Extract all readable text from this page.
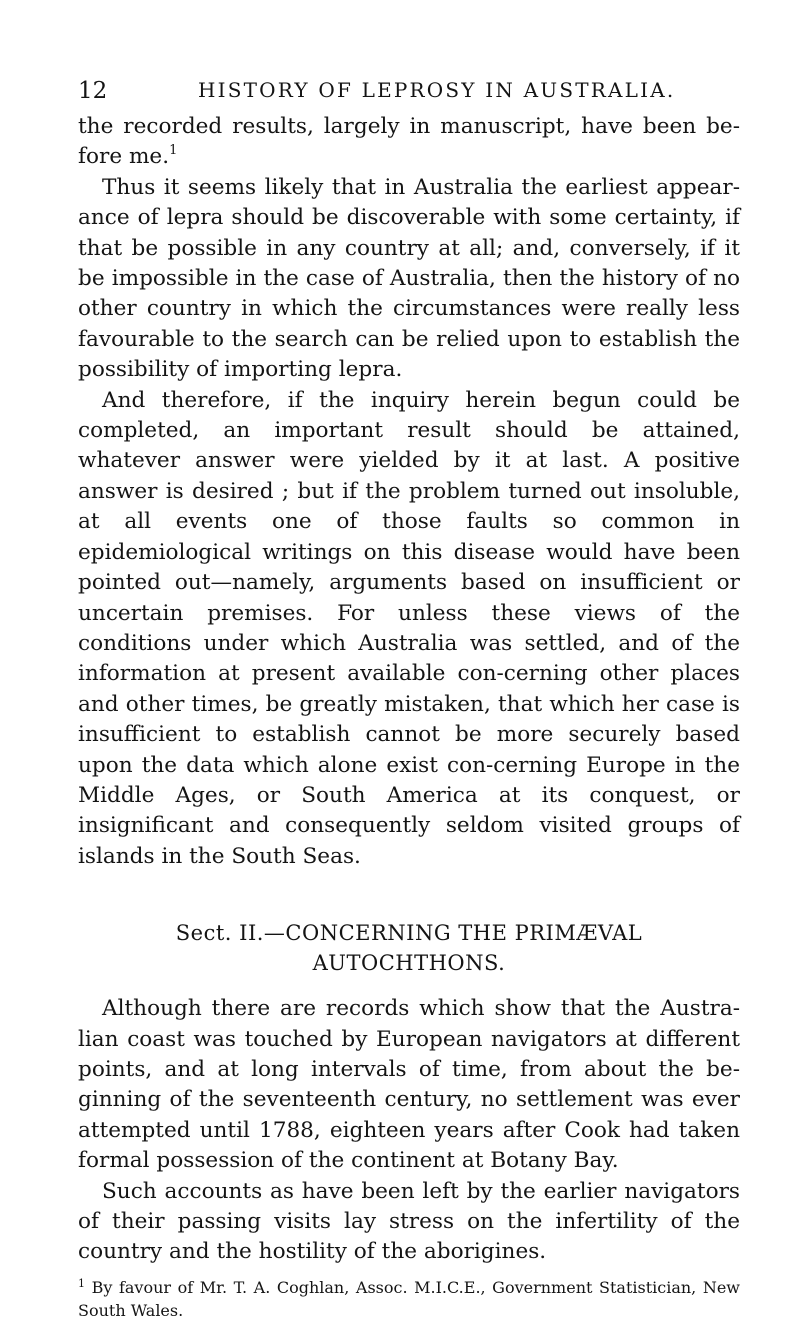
12	HISTORY OF LEPROSY IN AUSTRALIA.

the recorded results, largely in manuscript, have been be-fore me.$^1$

Thus it seems likely that in Australia the earliest appear-ance of lepra should be discoverable with some certainty, if that be possible in any country at all; and, conversely, if it be impossible in the case of Australia, then the history of no other country in which the circumstances were really less favourable to the search can be relied upon to establish the possibility of importing lepra.

And therefore, if the inquiry herein begun could be completed, an important result should be attained, whatever answer were yielded by it at last. A positive answer is desired ; but if the problem turned out insoluble, at all events one of those faults so common in epidemiological writings on this disease would have been pointed out—namely, arguments based on insufficient or uncertain premises. For unless these views of the conditions under which Australia was settled, and of the information at present available con-cerning other places and other times, be greatly mistaken, that which her case is insufficient to establish cannot be more securely based upon the data which alone exist con-cerning Europe in the Middle Ages, or South America at its conquest, or insignificant and consequently seldom visited groups of islands in the South Seas.

Sect. II.—CONCERNING THE PRIMÆVAL
AUTOCHTHONS.

Although there are records which show that the Austra-lian coast was touched by European navigators at different points, and at long intervals of time, from about the be-ginning of the seventeenth century, no settlement was ever attempted until 1788, eighteen years after Cook had taken formal possession of the continent at Botany Bay.

Such accounts as have been left by the earlier navigators of their passing visits lay stress on the infertility of the country and the hostility of the aborigines.

$^1$ By favour of Mr. T. A. Coghlan, Assoc. M.I.C.E., Government Statistician, New South Wales.
